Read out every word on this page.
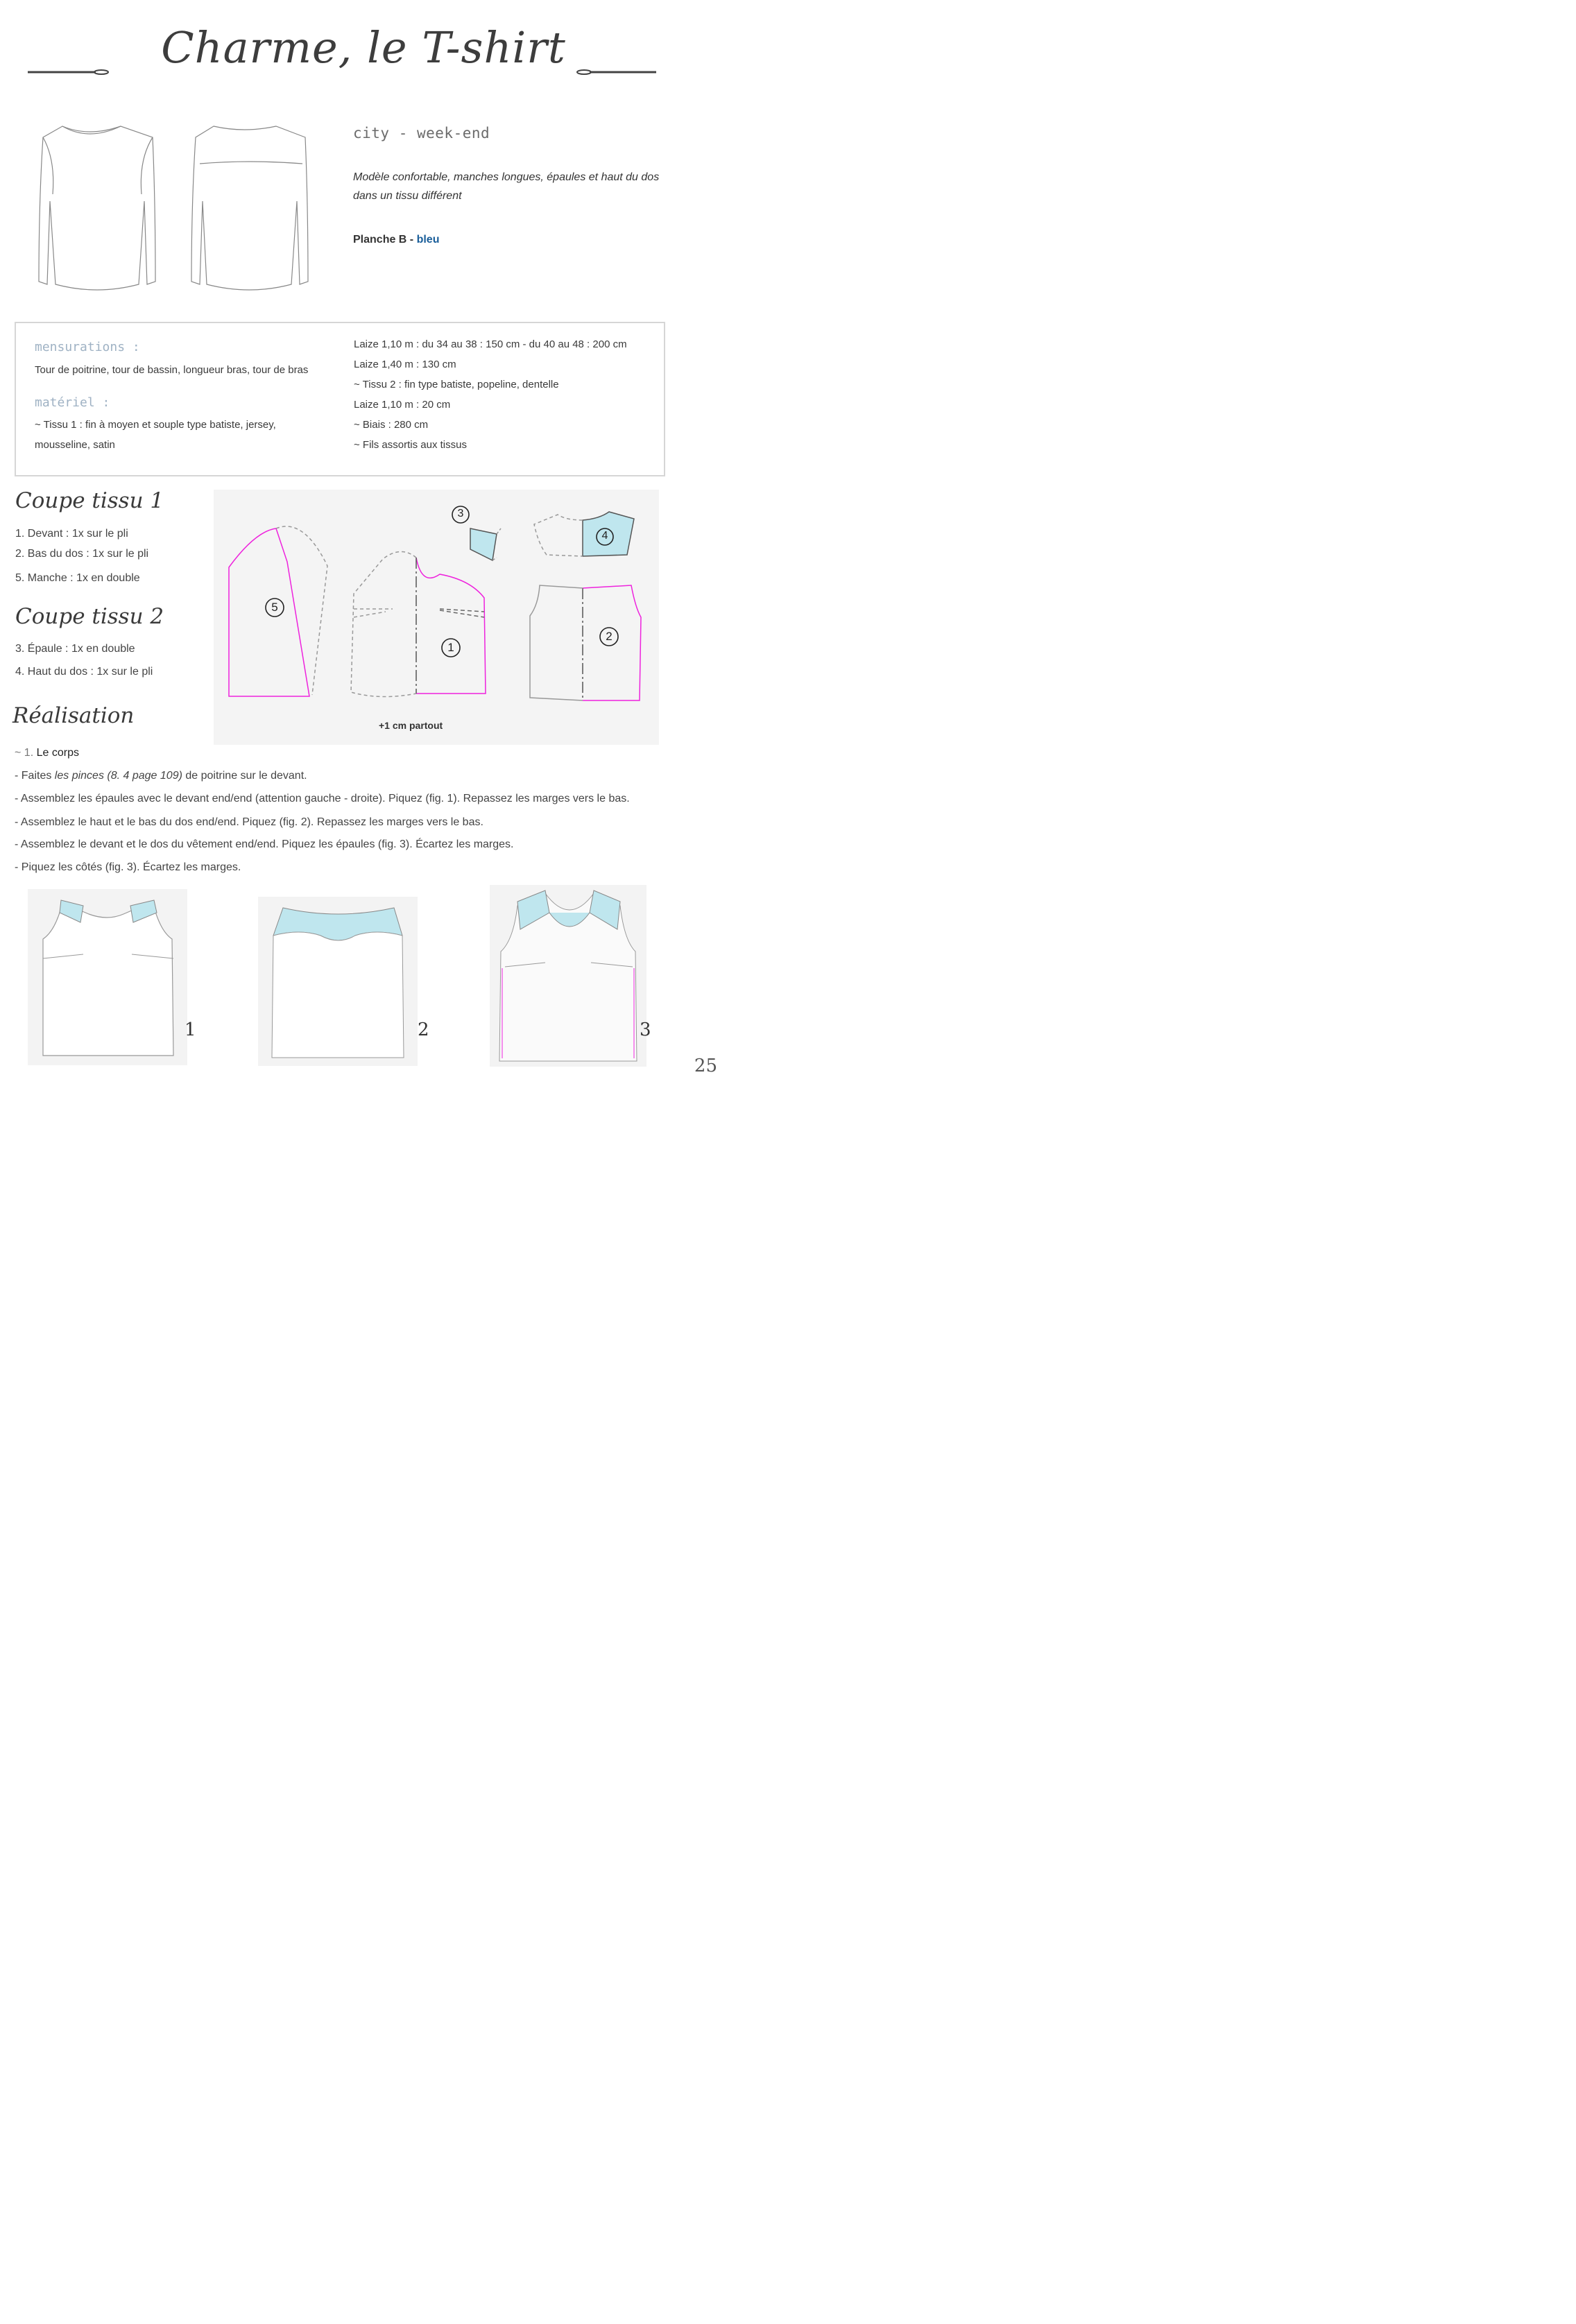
Charme, le T-shirt
city - week-end
Modèle confortable, manches longues, épaules et haut du dos dans un tissu différent
Planche B - bleu
mensurations :
Tour de poitrine, tour de bassin, longueur bras, tour de bras
matériel :
~ Tissu 1 : fin à moyen et souple type batiste, jersey,
mousseline, satin
Laize 1,10 m : du 34 au 38 : 150 cm - du 40 au 48 : 200 cm
Laize 1,40 m : 130 cm
~ Tissu 2 : fin type batiste, popeline, dentelle
Laize 1,10 m : 20 cm
~ Biais : 280 cm
~ Fils assortis aux tissus
Coupe tissu 1
1. Devant : 1x sur le pli
2. Bas du dos : 1x sur le pli
5. Manche : 1x en double
Coupe tissu 2
3. Épaule : 1x en double
4. Haut du dos : 1x sur le pli
5
3
4
1
2
+1 cm partout
Réalisation
~ 1. Le corps
- Faites les pinces (8. 4 page 109) de poitrine sur le devant.
- Assemblez les épaules avec le devant end/end (attention gauche - droite). Piquez (fig. 1). Repassez les marges vers le bas.
- Assemblez le haut et le bas du dos end/end. Piquez (fig. 2). Repassez les marges vers le bas.
- Assemblez le devant et le dos du vêtement end/end. Piquez les épaules (fig. 3). Écartez les marges.
- Piquez les côtés (fig. 3). Écartez les marges.
1	2	3
25
